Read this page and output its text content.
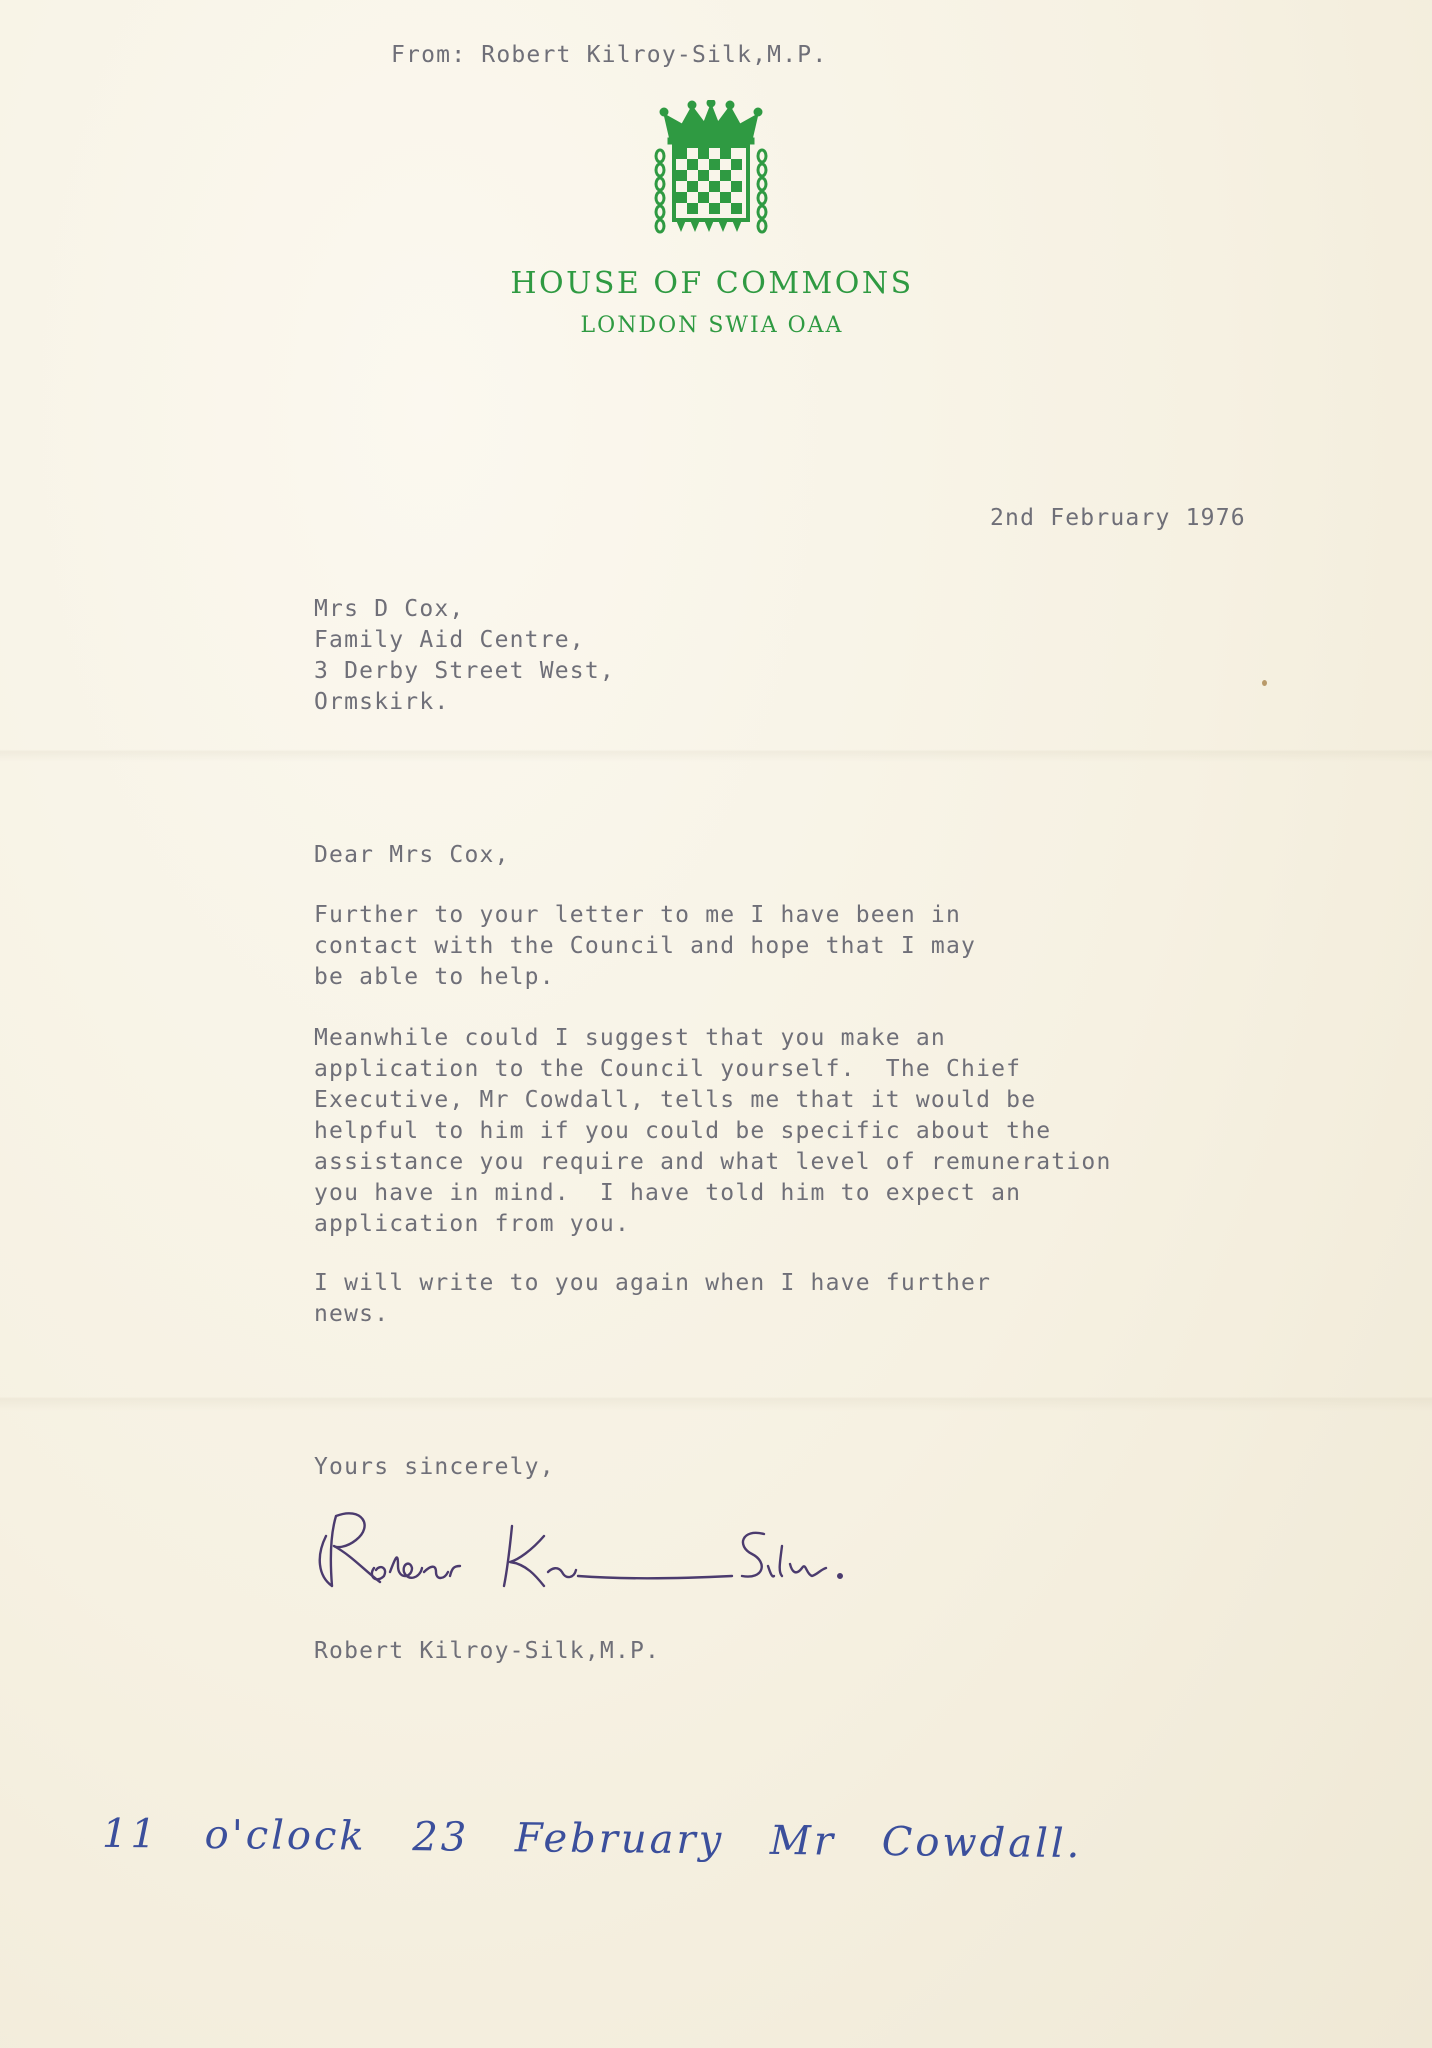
From: Robert Kilroy-Silk,M.P.

HOUSE OF COMMONS

LONDON SWIA OAA

2nd February 1976

Mrs D Cox,
Family Aid Centre,
3 Derby Street West,
Ormskirk.

Dear Mrs Cox,

Further to your letter to me I have been in
contact with the Council and hope that I may
be able to help.
Meanwhile could I suggest that you make an
application to the Council yourself.  The Chief
Executive, Mr Cowdall, tells me that it would be
helpful to him if you could be specific about the
assistance you require and what level of remuneration
you have in mind.  I have told him to expect an
application from you.
I will write to you again when I have further
news.

Yours sincerely,

Robert Kilroy-Silk,M.P.

11 o'clock 23 February Mr Cowdall.
